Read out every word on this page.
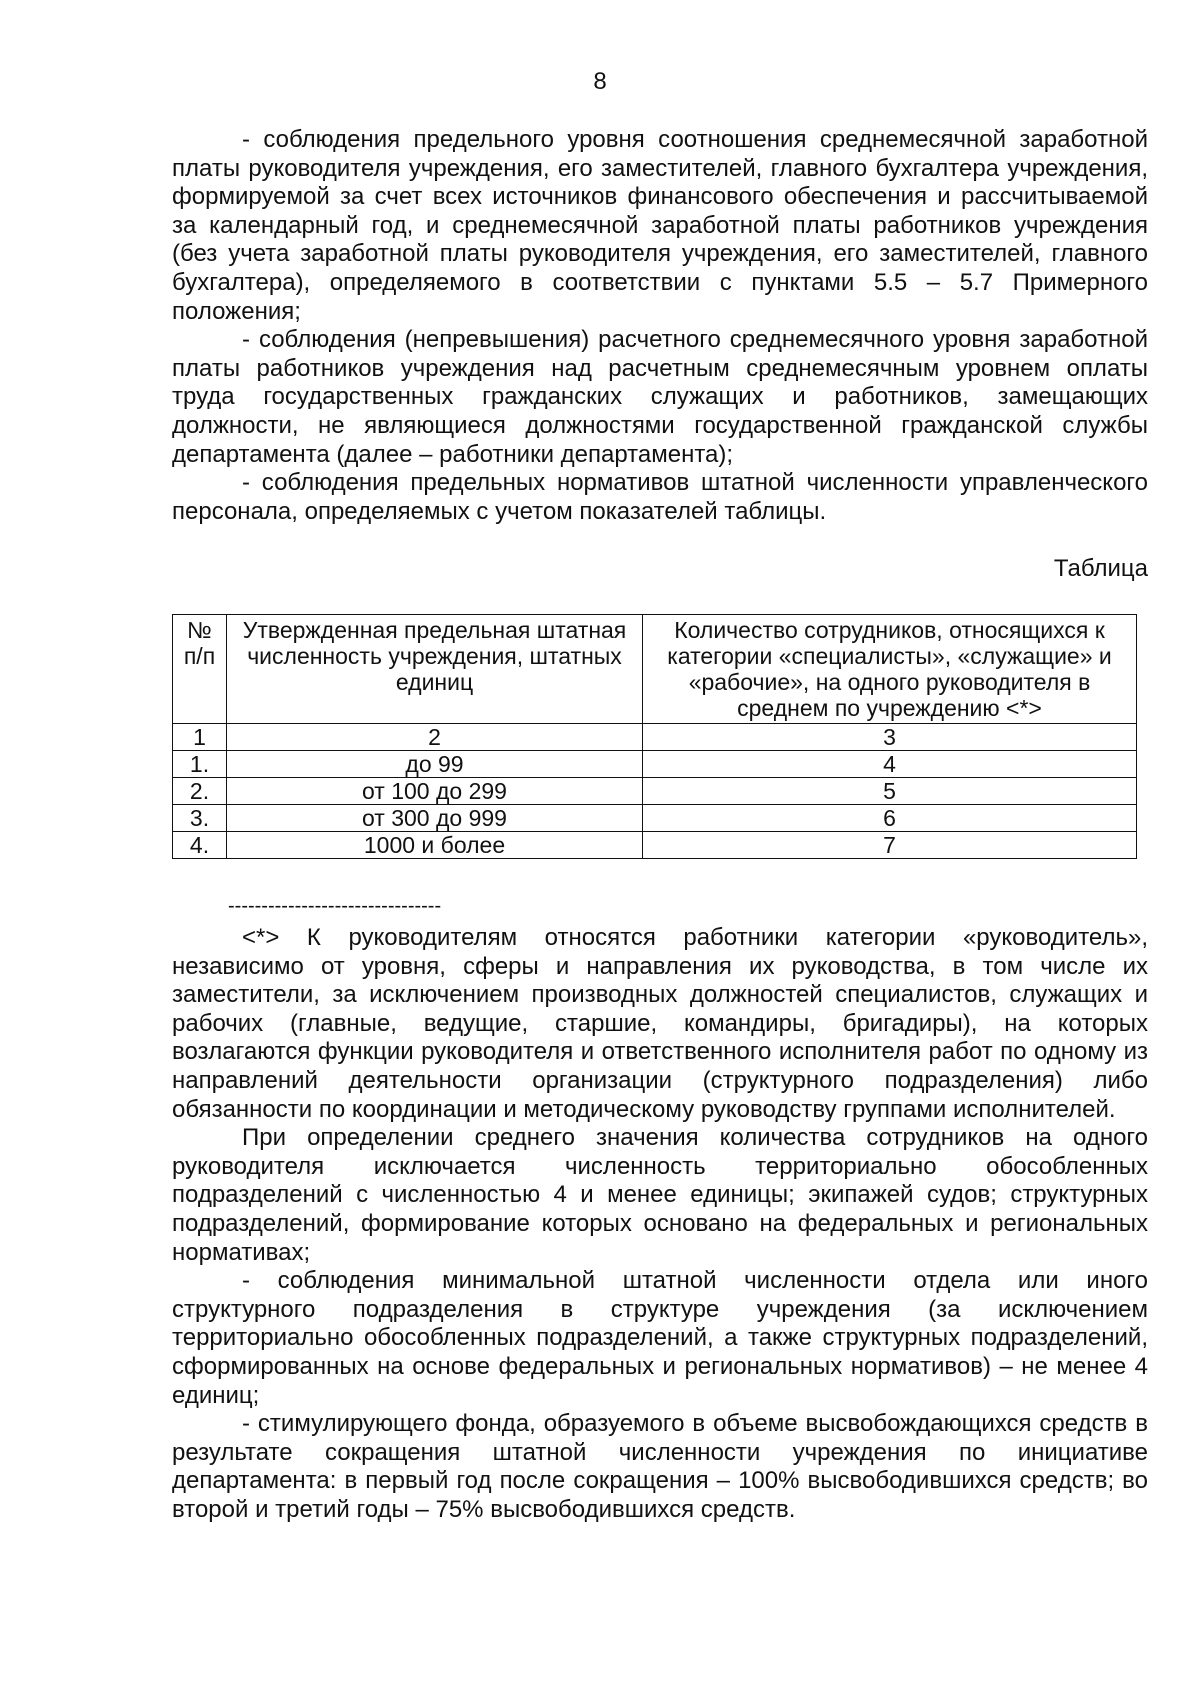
8

- соблюдения предельного уровня соотношения среднемесячной заработной платы руководителя учреждения, его заместителей, главного бухгалтера учреждения, формируемой за счет всех источников финансового обеспечения и рассчитываемой за календарный год, и среднемесячной заработной платы работников учреждения (без учета заработной платы руководителя учреждения, его заместителей, главного бухгалтера), определяемого в соответствии с пунктами 5.5 – 5.7 Примерного положения;

- соблюдения (непревышения) расчетного среднемесячного уровня заработной платы работников учреждения над расчетным среднемесячным уровнем оплаты труда государственных гражданских служащих и работников, замещающих должности, не являющиеся должностями государственной гражданской службы департамента (далее – работники департамента);

- соблюдения предельных нормативов штатной численности управленческого персонала, определяемых с учетом показателей таблицы.

Таблица
№ п/п	Утвержденная предельная штатная численность учреждения, штатных единиц	Количество сотрудников, относящихся к категории «специалисты», «служащие» и «рабочие», на одного руководителя в среднем по учреждению <*>
1	2	3
1.	до 99	4
2.	от 100 до 299	5
3.	от 300 до 999	6
4.	1000 и более	7
--------------------------------

<*> К руководителям относятся работники категории «руководитель», независимо от уровня, сферы и направления их руководства, в том числе их заместители, за исключением производных должностей специалистов, служащих и рабочих (главные, ведущие, старшие, командиры, бригадиры), на которых возлагаются функции руководителя и ответственного исполнителя работ по одному из направлений деятельности организации (структурного подразделения) либо обязанности по координации и методическому руководству группами исполнителей.

При определении среднего значения количества сотрудников на одного руководителя исключается численность территориально обособленных подразделений с численностью 4 и менее единицы; экипажей судов; структурных подразделений, формирование которых основано на федеральных и региональных нормативах;

- соблюдения минимальной штатной численности отдела или иного структурного подразделения в структуре учреждения (за исключением территориально обособленных подразделений, а также структурных подразделений, сформированных на основе федеральных и региональных нормативов) – не менее 4 единиц;

- стимулирующего фонда, образуемого в объеме высвобождающихся средств в результате сокращения штатной численности учреждения по инициативе департамента: в первый год после сокращения – 100% высвободившихся средств; во второй и третий годы – 75% высвободившихся средств.
